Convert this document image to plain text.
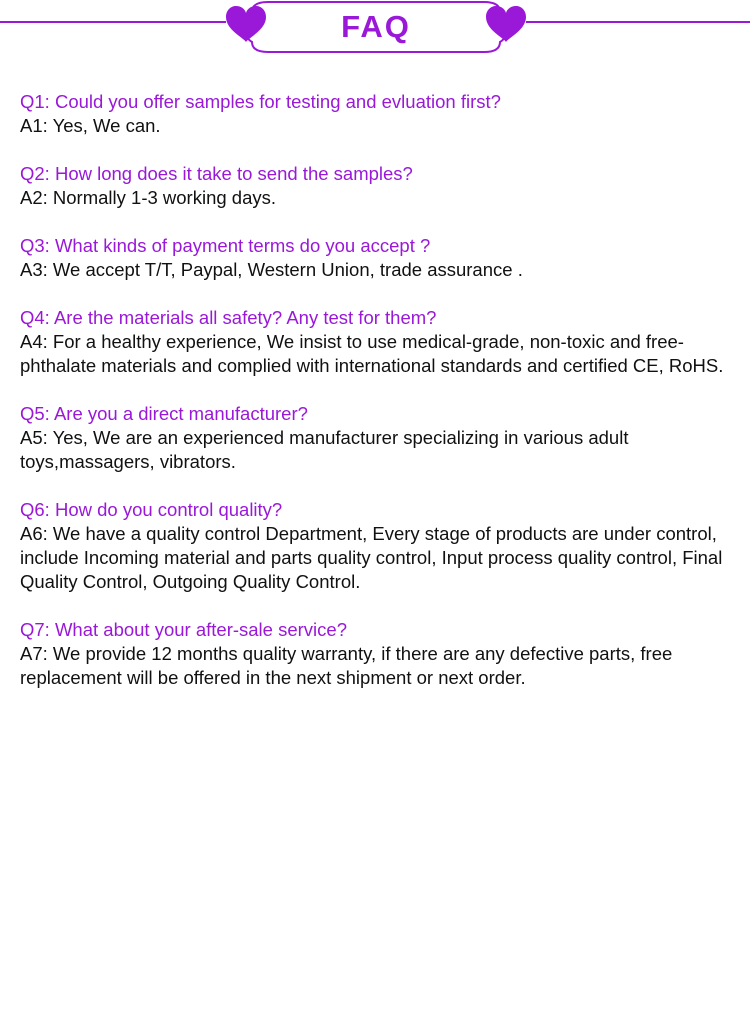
FAQ

Q1: Could you offer samples for testing and evluation first?

A1: Yes, We can.

Q2: How long does it take to send the samples?

A2: Normally 1-3 working days.

Q3: What kinds of payment terms do you accept ?

A3: We accept T/T, Paypal, Western Union, trade assurance .

Q4: Are the materials all safety? Any test for them?

A4: For a healthy experience, We insist to use medical-grade, non-toxic and free-phthalate materials and complied with international standards and certified CE, RoHS.

Q5: Are you a direct manufacturer?

A5: Yes, We are an experienced manufacturer specializing in various adult toys,massagers, vibrators.

Q6: How do you control quality?

A6: We have a quality control Department, Every stage of products are under control, include Incoming material and parts quality control, Input process quality control, Final Quality Control, Outgoing Quality Control.

Q7: What about your after-sale service?

A7: We provide 12 months quality warranty, if there are any defective parts, free replacement will be offered in the next shipment or next order.
